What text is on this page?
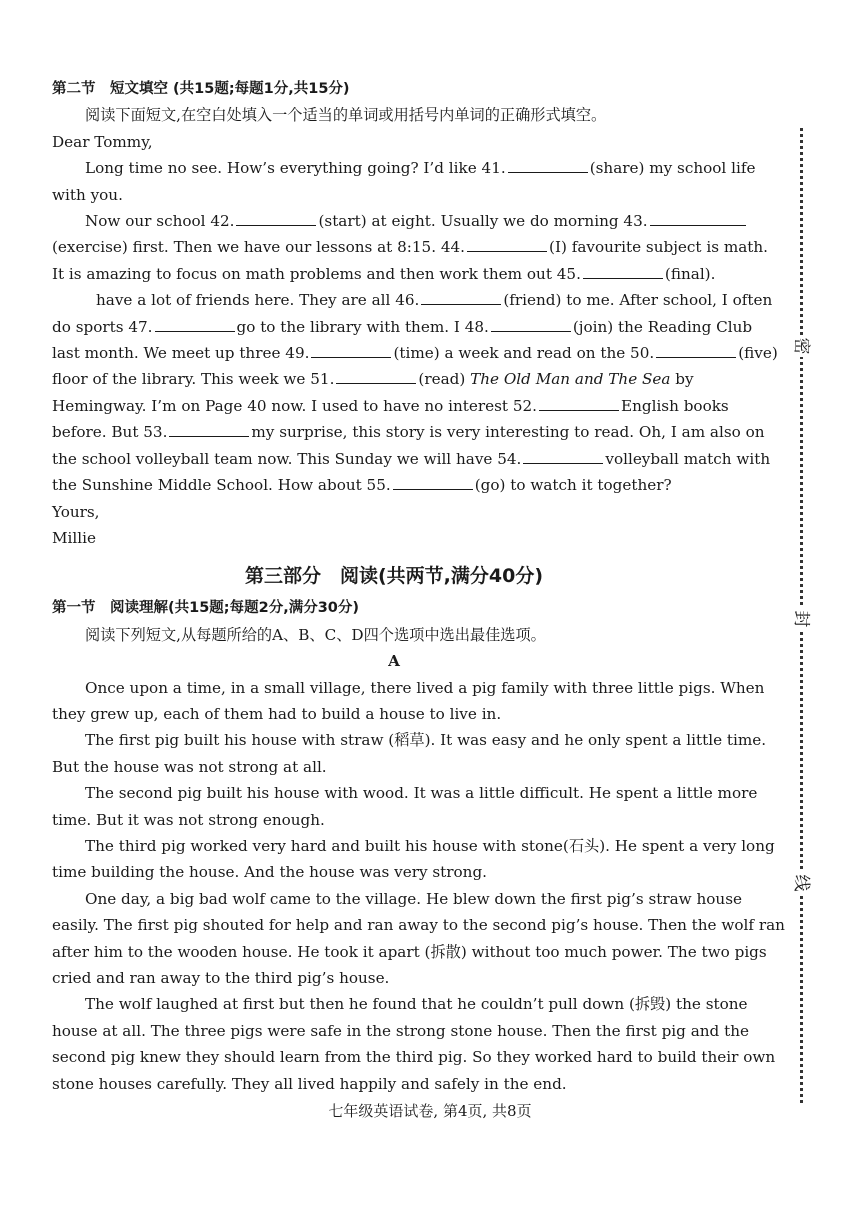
密
封
线

第二节　短文填空 (共15题;每题1分,共15分)

阅读下面短文,在空白处填入一个适当的单词或用括号内单词的正确形式填空。

Dear Tommy,

Long time no see. How’s everything going? I’d like 41.	(share) my school life

with you.

Now our school 42.	(start) at eight. Usually we do morning 43.

(exercise) first. Then we have our lessons at 8:15. 44.	(I) favourite subject is math.

It is amazing to focus on math problems and then work them out 45.	(final).

have a lot of friends here. They are all 46.	(friend) to me. After school, I often

do sports 47.	go to the library with them. I 48.	(join) the Reading Club

last month. We meet up three 49.	(time) a week and read on the 50.	(five)

floor of the library. This week we 51.	(read) The Old Man and The Sea by

Hemingway. I’m on Page 40 now. I used to have no interest 52.	English books

before. But 53.	my surprise, this story is very interesting to read. Oh, I am also on

the school volleyball team now. This Sunday we will have 54.	volleyball match with

the Sunshine Middle School. How about 55.	(go) to watch it together?

Yours,

Millie

第三部分　阅读(共两节,满分40分)

第一节　阅读理解(共15题;每题2分,满分30分)

阅读下列短文,从每题所给的A、B、C、D四个选项中选出最佳选项。

A

Once upon a time, in a small village, there lived a pig family with three little pigs. When

they grew up, each of them had to build a house to live in.

The first pig built his house with straw (稻草). It was easy and he only spent a little time.

But the house was not strong at all.

The second pig built his house with wood. It was a little difficult. He spent a little more

time. But it was not strong enough.

The third pig worked very hard and built his house with stone(石头). He spent a very long

time building the house. And the house was very strong.

One day, a big bad wolf came to the village. He blew down the first pig’s straw house

easily. The first pig shouted for help and ran away to the second pig’s house. Then the wolf ran

after him to the wooden house. He took it apart (拆散) without too much power. The two pigs

cried and ran away to the third pig’s house.

The wolf laughed at first but then he found that he couldn’t pull down (拆毁) the stone

house at all. The three pigs were safe in the strong stone house. Then the first pig and the

second pig knew they should learn from the third pig. So they worked hard to build their own

stone houses carefully. They all lived happily and safely in the end.

七年级英语试卷, 第4页, 共8页
